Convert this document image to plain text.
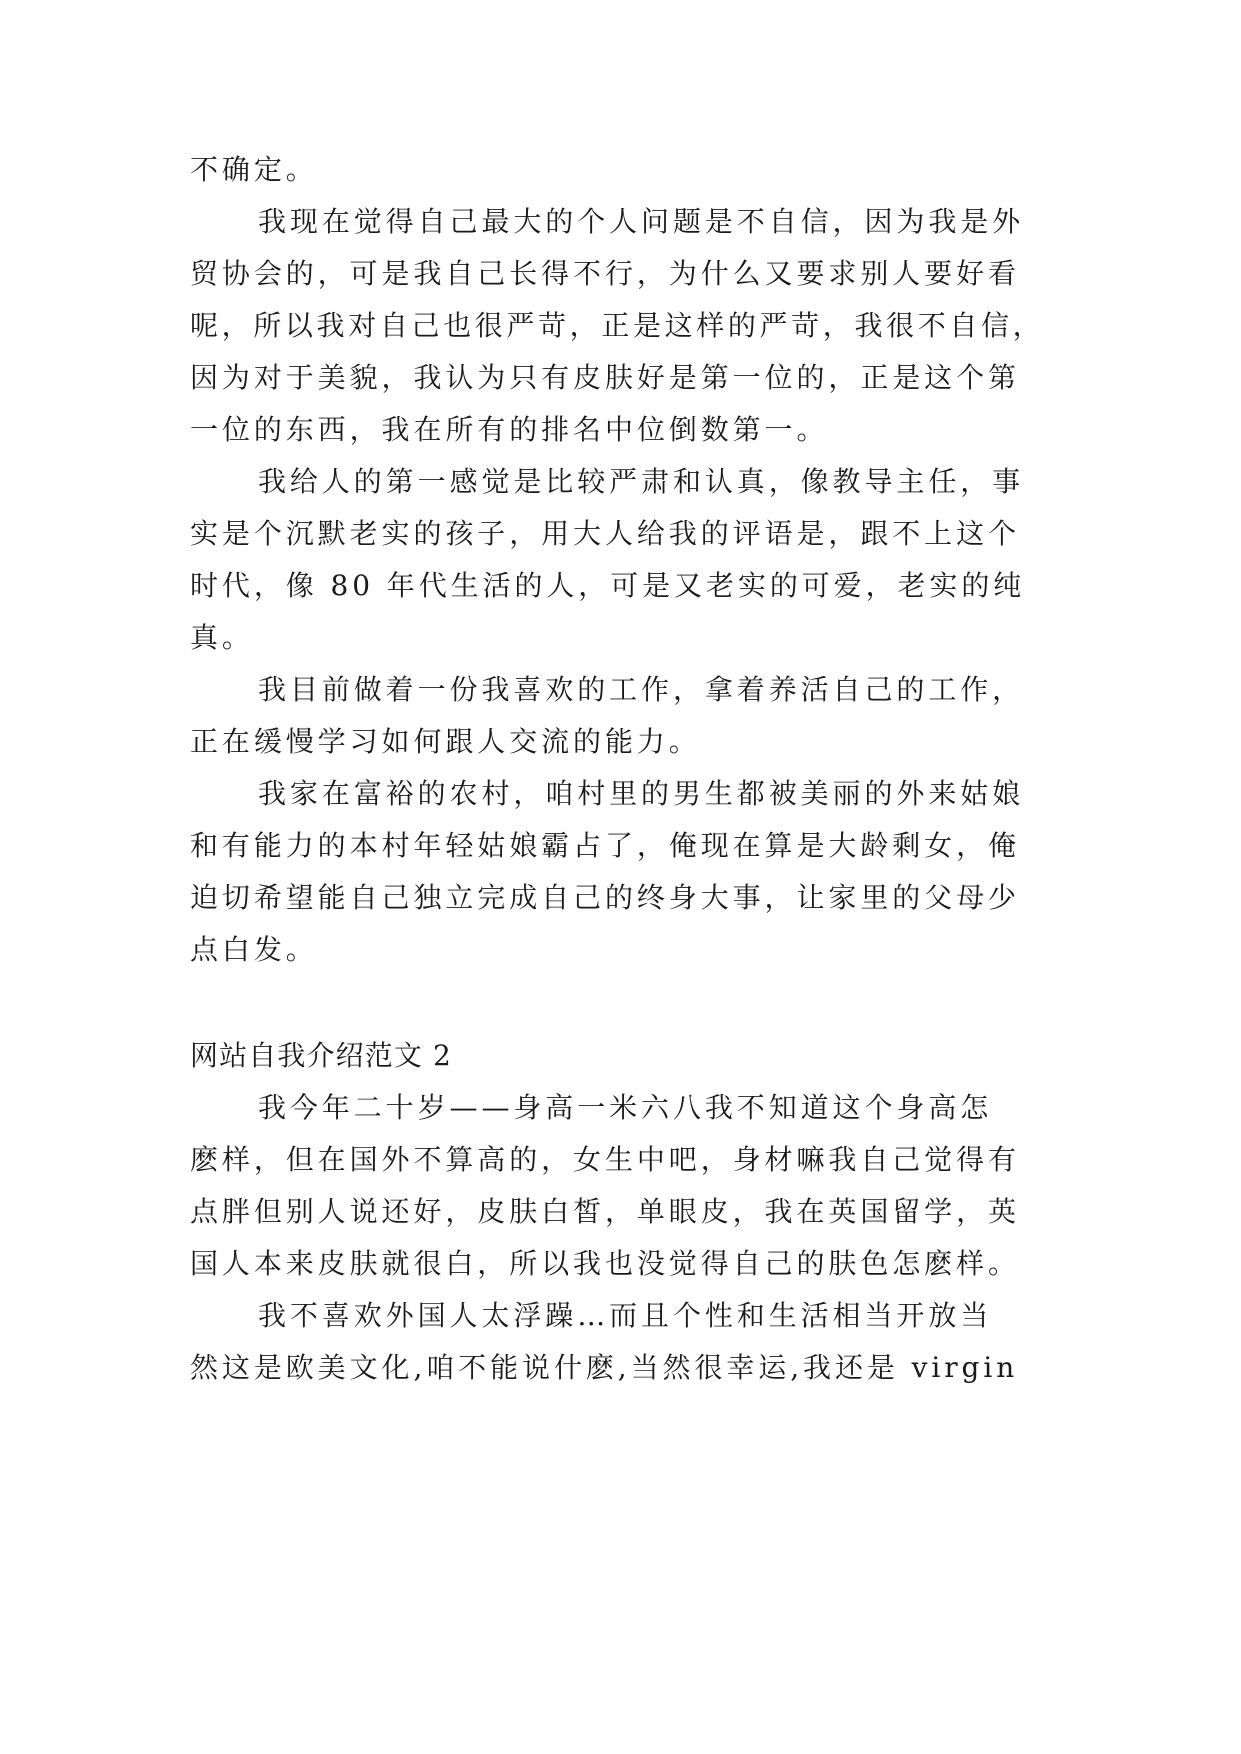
不确定。
我现在觉得自己最大的个人问题是不自信，因为我是外
贸协会的，可是我自己长得不行，为什么又要求别人要好看
呢，所以我对自己也很严苛，正是这样的严苛，我很不自信，
因为对于美貌，我认为只有皮肤好是第一位的，正是这个第
一位的东西，我在所有的排名中位倒数第一。
我给人的第一感觉是比较严肃和认真，像教导主任，事
实是个沉默老实的孩子，用大人给我的评语是，跟不上这个
时代，像 80 年代生活的人，可是又老实的可爱，老实的纯
真。
我目前做着一份我喜欢的工作，拿着养活自己的工作，
正在缓慢学习如何跟人交流的能力。
我家在富裕的农村，咱村里的男生都被美丽的外来姑娘
和有能力的本村年轻姑娘霸占了，俺现在算是大龄剩女，俺
迫切希望能自己独立完成自己的终身大事，让家里的父母少
点白发。
网站自我介绍范文 2
我今年二十岁——身高一米六八我不知道这个身高怎
麽样，但在国外不算高的，女生中吧，身材嘛我自己觉得有
点胖但别人说还好，皮肤白皙，单眼皮，我在英国留学，英
国人本来皮肤就很白，所以我也没觉得自己的肤色怎麽样。
我不喜欢外国人太浮躁…而且个性和生活相当开放当
然这是欧美文化,咱不能说什麽,当然很幸运,我还是 virgin
